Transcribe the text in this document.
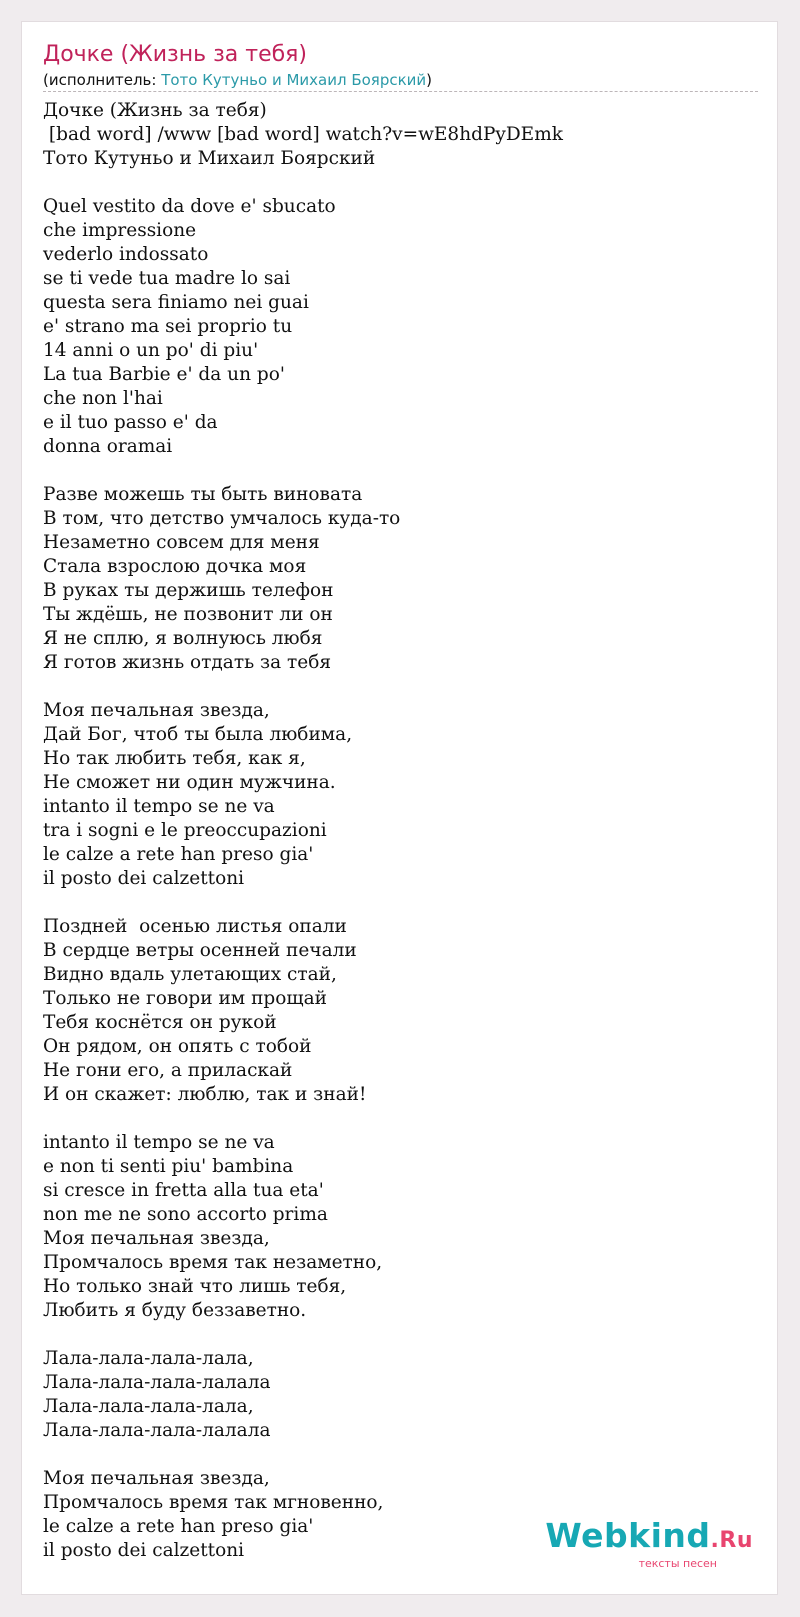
Дочке (Жизнь за тебя)
(исполнитель: Тото Кутуньо и Михаил Боярский)
Дочке (Жизнь за тебя)
[bad word] /www [bad word] watch?v=wE8hdPyDEmk
Тото Кутуньо и Михаил Боярский
Quel vestito da dove e' sbucato
che impressione
vederlo indossato
se ti vede tua madre lo sai
questa sera finiamo nei guai
e' strano ma sei proprio tu
14 anni o un po' di piu'
La tua Barbie e' da un po'
che non l'hai
e il tuo passo e' da
donna oramai
Разве можешь ты быть виновата
В том, что детство умчалось куда-то
Незаметно совсем для меня
Стала взрослою дочка моя
В руках ты держишь телефон
Ты ждёшь, не позвонит ли он
Я не сплю, я волнуюсь любя
Я готов жизнь отдать за тебя
Моя печальная звезда,
Дай Бог, чтоб ты была любима,
Но так любить тебя, как я,
Не сможет ни один мужчина.
intanto il tempo se ne va
tra i sogni e le preoccupazioni
le calze a rete han preso gia'
il posto dei calzettoni
Поздней  осенью листья опали
В сердце ветры осенней печали
Видно вдаль улетающих стай,
Только не говори им прощай
Тебя коснётся он рукой
Он рядом, он опять с тобой
Не гони его, а приласкай
И он скажет: люблю, так и знай!
intanto il tempo se ne va
e non ti senti piu' bambina
si cresce in fretta alla tua eta'
non me ne sono accorto prima
Моя печальная звезда,
Промчалось время так незаметно,
Но только знай что лишь тебя,
Любить я буду беззаветно.
Лала-лала-лала-лала,
Лала-лала-лала-лалала
Лала-лала-лала-лала,
Лала-лала-лала-лалала
Моя печальная звезда,
Промчалось время так мгновенно,
le calze a rete han preso gia'
il posto dei calzettoni	Webkind.Ru
тексты песен
